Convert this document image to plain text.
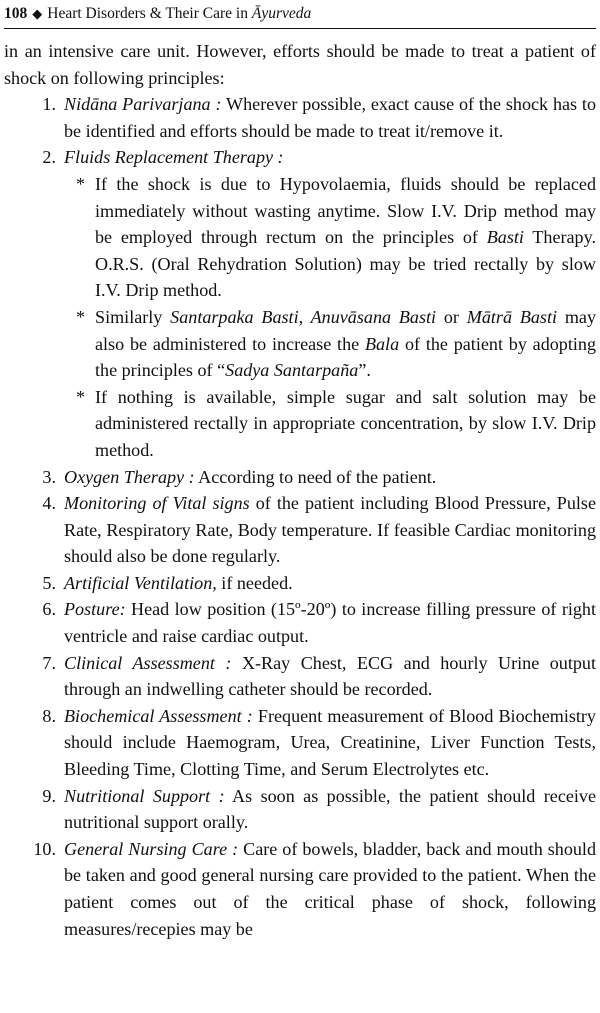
108 ◆ Heart Disorders & Their Care in Āyurveda

in an intensive care unit. However, efforts should be made to treat a patient of shock on following principles:

1. Nidāna Parivarjana : Wherever possible, exact cause of the shock has to be identified and efforts should be made to treat it/remove it.
2. Fluids Replacement Therapy :
* If the shock is due to Hypovolaemia, fluids should be replaced immediately without wasting anytime. Slow I.V. Drip method may be employed through rectum on the principles of Basti Therapy. O.R.S. (Oral Rehydration Solution) may be tried rectally by slow I.V. Drip method.
* Similarly Santarpaka Basti, Anuvāsana Basti or Mātrā Basti may also be administered to increase the Bala of the patient by adopting the principles of “Sadya Santarpaña”.
* If nothing is available, simple sugar and salt solution may be administered rectally in appropriate concentration, by slow I.V. Drip method.
3. Oxygen Therapy : According to need of the patient.
4. Monitoring of Vital signs of the patient including Blood Pressure, Pulse Rate, Respiratory Rate, Body temperature. If feasible Cardiac monitoring should also be done regularly.
5. Artificial Ventilation, if needed.
6. Posture: Head low position (15º-20º) to increase filling pressure of right ventricle and raise cardiac output.
7. Clinical Assessment : X-Ray Chest, ECG and hourly Urine output through an indwelling catheter should be recorded.
8. Biochemical Assessment : Frequent measurement of Blood Biochemistry should include Haemogram, Urea, Creatinine, Liver Function Tests, Bleeding Time, Clotting Time, and Serum Electrolytes etc.
9. Nutritional Support : As soon as possible, the patient should receive nutritional support orally.
10. General Nursing Care : Care of bowels, bladder, back and mouth should be taken and good general nursing care provided to the patient. When the patient comes out of the critical phase of shock, following measures/recepies may be
